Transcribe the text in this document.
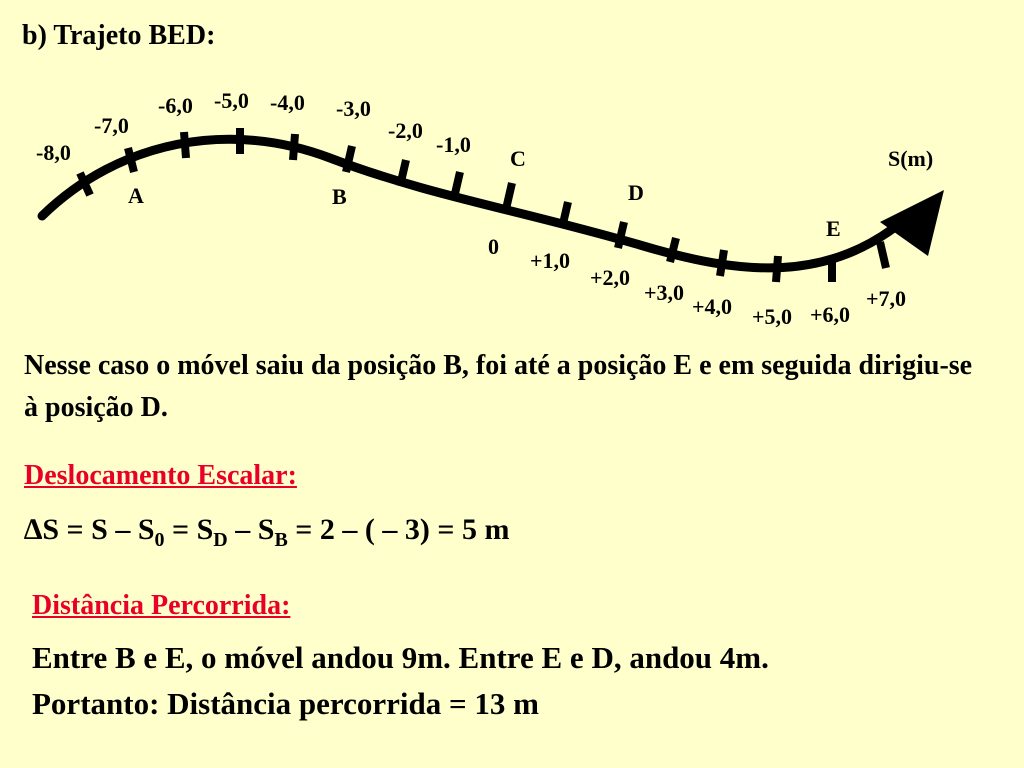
b) Trajeto BED:
-8,0
-7,0
-6,0 -5,0 -4,0 -3,0
-2,0
-1,0
0
+1,0
+2,0
+3,0
+4,0 +5,0 +6,0
+7,0
A	B
C
D
E
S(m)
Nesse caso o móvel saiu da posição B, foi até a posição E e em seguida dirigiu-se à posição D.
Deslocamento Escalar:
$\Delta S = S - S_0 = S_D - S_B = 2$ – ( – 3) = 5 m
Distância Percorrida:
Entre B e E, o móvel andou 9m. Entre E e D, andou 4m.
Portanto: Distância percorrida = 13 m
